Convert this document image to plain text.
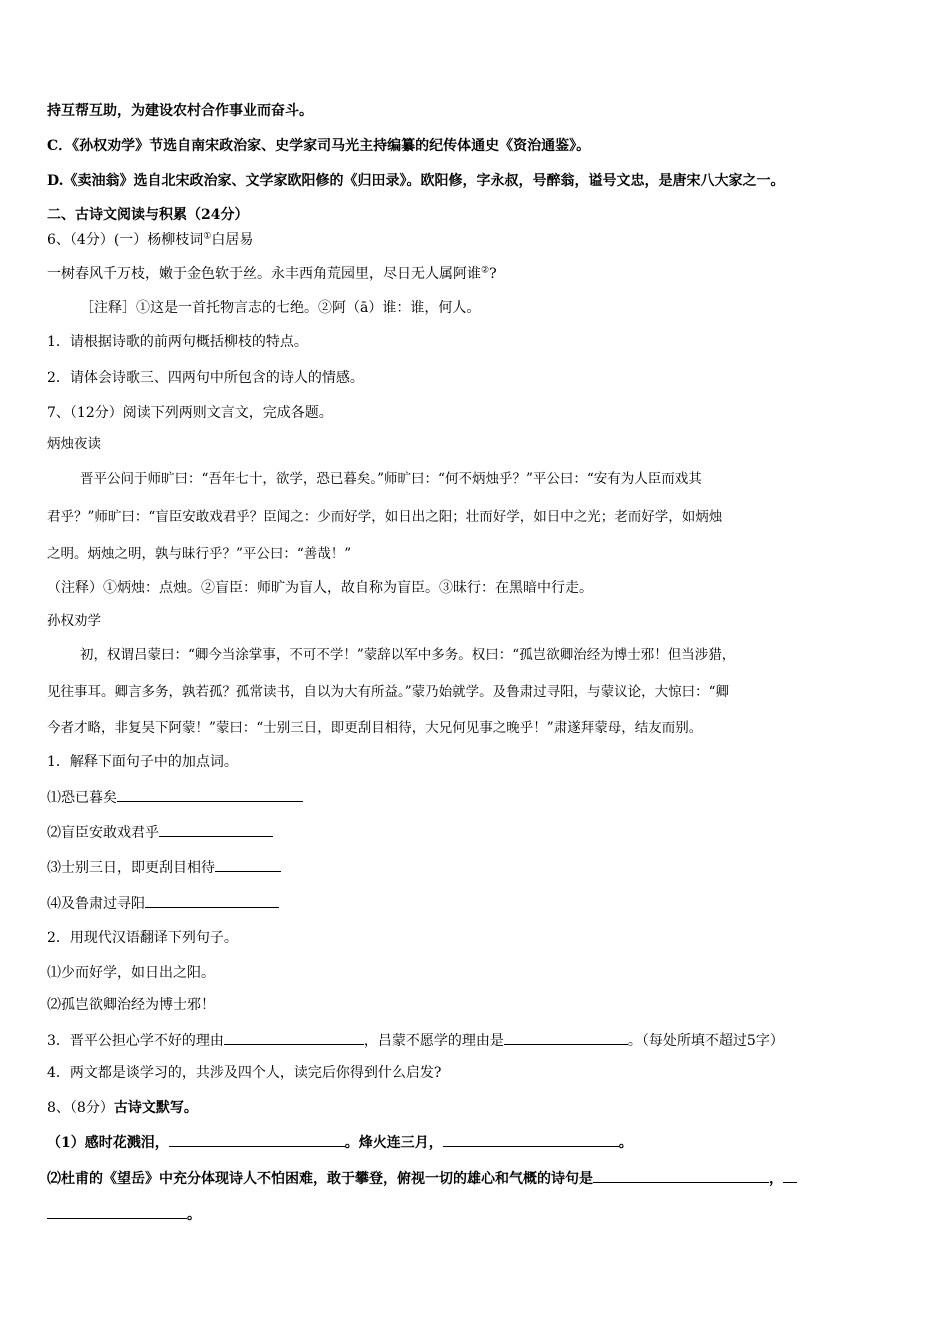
持互帮互助，为建设农村合作事业而奋斗。
C．《孙权劝学》节选自南宋政治家、史学家司马光主持编纂的纪传体通史《资治通鉴》。
D.《卖油翁》选自北宋政治家、文学家欧阳修的《归田录》。欧阳修，字永叔，号醉翁，谥号文忠，是唐宋八大家之一。
二、古诗文阅读与积累（24分）
6、（4分）(一）杨柳枝词①白居易
一树春风千万枝，嫩于金色软于丝。永丰西角荒园里，尽日无人属阿谁②?
［注释］①这是一首托物言志的七绝。②阿（ā）谁：谁，何人。
1．请根据诗歌的前两句概括柳枝的特点。
2．请体会诗歌三、四两句中所包含的诗人的情感。
7、（12分）阅读下列两则文言文，完成各题。
炳烛夜读
晋平公问于师旷曰：“吾年七十，欲学，恐已暮矣。”师旷曰：“何不炳烛乎？”平公曰：“安有为人臣而戏其
君乎？”师旷曰：“盲臣安敢戏君乎？臣闻之：少而好学，如日出之阳；壮而好学，如日中之光；老而好学，如炳烛
之明。炳烛之明，孰与昧行乎？”平公曰：“善哉！”
（注释）①炳烛：点烛。②盲臣：师旷为盲人，故自称为盲臣。③昧行：在黑暗中行走。
孙权劝学
初，权谓吕蒙曰：“卿今当涂掌事，不可不学！”蒙辞以军中多务。权曰：“孤岂欲卿治经为博士邪！但当涉猎，
见往事耳。卿言多务，孰若孤？孤常读书，自以为大有所益。”蒙乃始就学。及鲁肃过寻阳，与蒙议论，大惊曰：“卿
今者才略，非复吴下阿蒙！”蒙曰：“士别三日，即更刮目相待，大兄何见事之晚乎！”肃遂拜蒙母，结友而别。
1．解释下面句子中的加点词。
⑴恐已暮矣
⑵盲臣安敢戏君乎
⑶士别三日，即更刮目相待
⑷及鲁肃过寻阳
2．用现代汉语翻译下列句子。
⑴少而好学，如日出之阳。
⑵孤岂欲卿治经为博士邪！
3．晋平公担心学不好的理由	，吕蒙不愿学的理由是	。（每处所填不超过5字）
4．两文都是谈学习的，共涉及四个人，读完后你得到什么启发?
8、（8分）古诗文默写。
（1）感时花溅泪，	。烽火连三月，	。
⑵杜甫的《望岳》中充分体现诗人不怕困难，敢于攀登，俯视一切的雄心和气概的诗句是	，
。
